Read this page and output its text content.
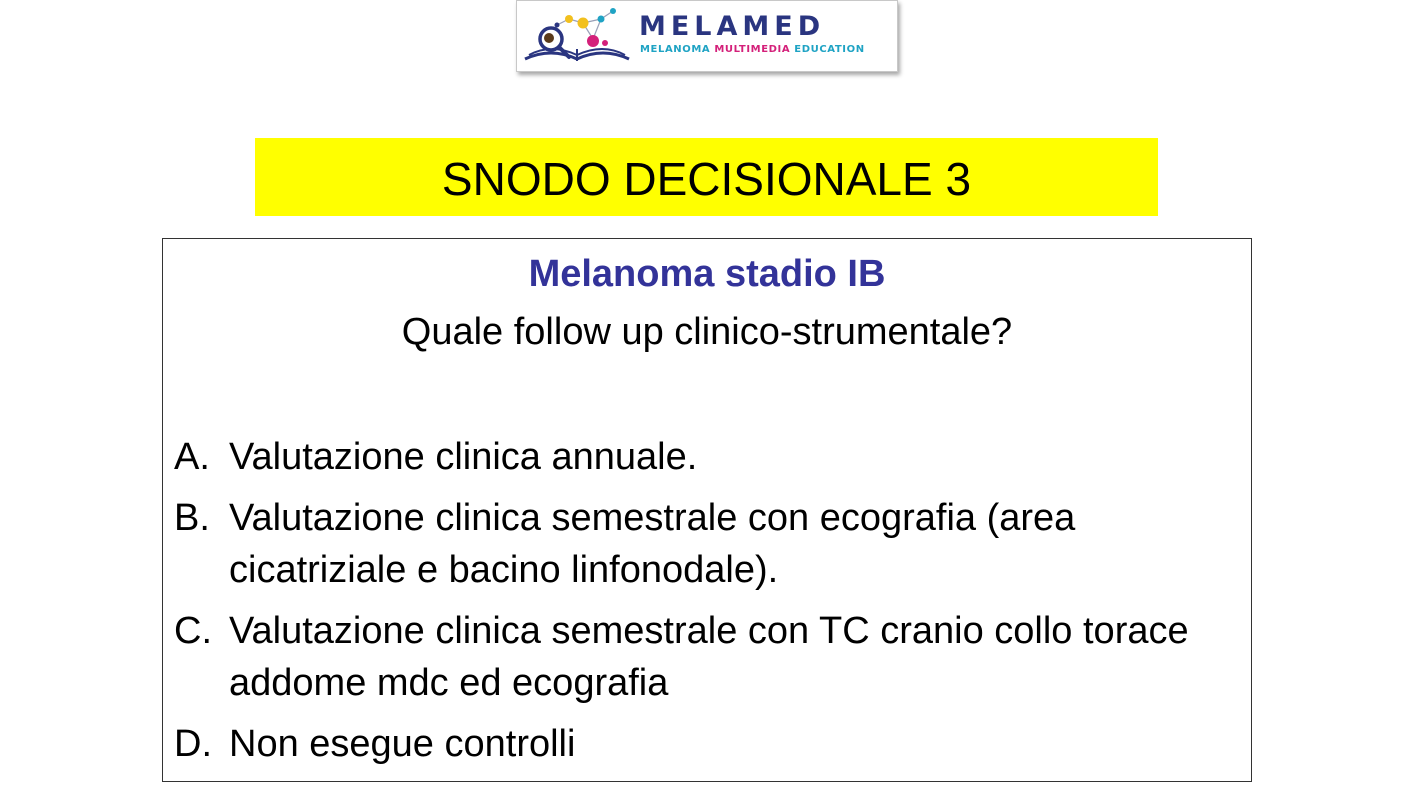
MELAMED
MELANOMA MULTIMEDIA EDUCATION
SNODO DECISIONALE 3
Melanoma stadio IB
Quale follow up clinico-strumentale?
A. Valutazione clinica annuale.
B. Valutazione clinica semestrale con ecografia (area cicatriziale e bacino linfonodale).
C. Valutazione clinica semestrale con TC cranio collo torace addome mdc ed ecografia
D. Non esegue controlli
